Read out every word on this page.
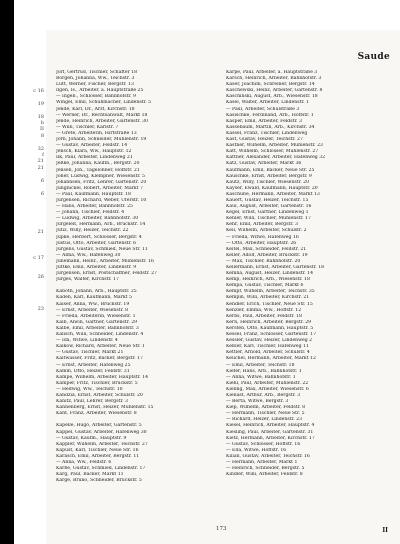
c 16

19

18
b
II
8

32
f
21
21

6

6

21

c 17

26

23
Saude
Jorf, Gertrud, Tischler, Schäfter 18
Borgen, Johanna, Ww., Teichstr. 3
Lütt, Werner, Fischer, Bergstr. 13
Ilgen, H., Arbeiter, a. Hauptstraße 25
— Ingeb., Schlosser, Bahnhofstr. 9
Wingel, Emil, Schuhmacher, Lindenstr. 5
Jende, Karl, Dr., Arzt, Kirchstr. 18
— Werner, Dr., Rechtsanwalt, Markt 18
Jende, Heinrich, Arbeiter, Gartenstr. 30
— Willi, Tischler, Karlstr. 7
— Grete, Arbeiterin, Hirtstraße 13
Jörn, Johann, Schneider, Mühlenstr. 19
— Gustav, Arbeiter, Feldstr. 14
Jensch, Klara, Ww., Hauptstr. 12
Ilk, Paul, Arbeiter, Lindenweg 21
Jeßke, Johanna, Kaufm., Bergstr. 20
Jensen, Joh., Tagelöhner, Hoffstr. 21
Joher, Ludwig, Klempner, Wiesenstr. 5
Johannsen, Fritz, Lehrer, Gartenstr. 20
Jungnickel, Robert, Arbeiter, Markt 7
— Paul, Kaufmann, Hauptstr. 18
Jürgensen, Richard, Weber, Uferstr. 10
— Hans, Arbeiter, Bahnhofstr. 25
— Johann, Tischler, Feldstr. 4
— Ludwig, Arbeiter, Bahnhofstr. 30
Jürgeleit, Hermann, Arb., Brückstr. 14
Jutiz, Willy, Heizer, Teichstr. 22
Jupke, Herbert, Schlosser, Bergstr. 4
Justus, Otto, Arbeiter, Gartenstr. 6
Jürgens, Gustav, Schmied, Neue Str. 11
— Alma, Ww., Hafenweg 30
Jünemann, Heinr., Arbeiter, Mühlenstr. 16
Jüttke, Emil, Arbeiter, Lindenstr. 9
Jürgensen, Ernst, Postschaffner, Feldstr. 27
Jürges, Walter, Kirchstr. 17

Kaboth, Johann, Arb., Hauptstr. 25
Kaden, Karl, Kaufmann, Markt 5
Kaiser, Anna, Ww., Brückstr. 19
— Ernst, Arbeiter, Wiesenstr. 8
— Frieda, Arbeiterin, Wiesenstr. 1
Kalb, Alwin, Gärtner, Gartenstr. 29
Kalbe, Emil, Arbeiter, Bahnhofstr. 3
Kalisch, Willi, Schneider, Lindenstr. 4
— Ida, Witwe, Lindenstr. 4
Kalkow, Richard, Arbeiter, Neue Str. 1
— Gustav, Tischler, Markt 21
Kaltwasser, Fritz, Bäcker, Bergstr. 17
— Ernst, Arbeiter, Hafenweg 25
Kamm, Otto, Heizer, Feldstr. 31
Kampe, Wilhelm, Arbeiter, Hauptstr. 14
Kamper, Fritz, Tischler, Brückstr. 5
— Hedwig, Ww., Teichstr. 10
Kandzia, Ernst, Arbeiter, Schulstr. 20
Kanitz, Paul, Lehrer, Bergstr. 3
Kannenberg, Ernst, Heizer, Mühlenstr. 15
Kant, Franz, Arbeiter, Wiesenstr. 8

Kapelle, Hugo, Arbeiter, Gartenstr. 5
Kappel, Gustav, Arbeiter, Hafenweg 30
— Gustav, Kaufm., Hauptstr. 9
Kappler, Wilhelm, Arbeiter, Teichstr. 27
Kapust, Karl, Tischler, Neue Str. 16
Karasch, Emil, Arbeiter, Bergstr. 11
— Anna, Ww., Feldstr. 6
Karbe, Gustav, Schmied, Lindenstr. 17
Karg, Paul, Bäcker, Markt 11
Karge, Bruno, Schneider, Brückstr. 5
Karpe, Paul, Arbeiter, a. Hauptstraße 3
Karsch, Heinrich, Arbeiter, Bahnhofstr. 3
Kaser, Joachim, Schreiner, Bergstr. 14
Kaschewski, Heinz, Arbeiter, Gartenstr. 8
Kaschinski, August, Arb., Wiesenstr. 18
Kasel, Walter, Arbeiter, Lindenstr. 1
— Paul, Arbeiter, Schulstraße 3
Kasischke, Ferdinand, Arb., Hoffstr. 1
Kasper, Emil, Arbeiter, Feldstr. 3
Kassebaum, Martin, Arb., Kirchstr. 34
Kassel, Franz, Tischler, Lindenweg
Kast, Gustav, Heizer, Teichstr. 27
Kastner, Wilhelm, Arbeiter, Mühlenstr. 23
Katt, Wilhelm, Schlosser, Mühlenstr. 27
Kattner, Alexander, Arbeiter, Hafenweg 32
Katz, Gustav, Arbeiter, Markt 36
Kaufmann, Emil, Bäcker, Neue Str. 25
Kauschke, Ernst, Arbeiter, Bergstr. 9
Kautz, Willy, Tischler, Wiesenstr. 20
Kayser, Ewald, Kaufmann, Hauptstr. 20
Kaschube, Hermann, Arbeiter, Markt 13
Kauert, Gustav, Heizer, Teichstr. 15
Kaul, August, Arbeiter, Gartenstr. 16
Kegel, Ernst, Gärtner, Lindenweg 1
Kehler, Willi, Tischler, Mühlenstr. 17
Kehr, Emil, Arbeiter, Bergstr. 3
Keil, Wilhelm, Arbeiter, Schulstr. 2
— Frieda, Witwe, Hafenweg 16
— Otto, Arbeiter, Hauptstr. 26
Keitel, Max, Schneider, Feldstr. 21
Keller, Adolf, Arbeiter, Brückstr. 19
— Max, Tischler, Bahnhofstr. 20
Kellermann, Ernst, Arbeiter, Gartenstr. 18
Kemna, August, Heizer, Lindenstr. 14
Kemp, Heinrich, Arb., Wiesenstr. 18
Kempa, Gustav, Tischler, Markt 6
Kempf, Wilhelm, Arbeiter, Teichstr. 35
Kempin, Willi, Arbeiter, Kirchstr. 21
Kendler, Erich, Tischler, Neue Str. 15
Kenzler, Emma, Ww., Hoffstr. 12
Kerbs, Paul, Arbeiter, Feldstr. 18
Kern, Heinrich, Arbeiter, Bergstr. 29
Kersten, Otto, Kaufmann, Hauptstr. 5
Kessel, Franz, Schlosser, Gartenstr. 17
Kessler, Gustav, Heizer, Lindenweg 2
Keßler, Karl, Tischler, Hafenweg 11
Kettler, Arnold, Arbeiter, Schulstr. 4
Keuchel, Hermann, Arbeiter, Markt 12
— Emil, Arbeiter, Teichstr. 18
Kiefer, Hans, Arb., Bahnhofstr. 1
— Anna, Witwe, Bahnhofstr. 1
Kiehl, Paul, Arbeiter, Mühlenstr. 22
Kieling, Max, Arbeiter, Wiesenstr. 6
Kienast, Arthur, Arb., Bergstr. 3
— Berta, Witwe, Bergstr. 3
Kiep, Wilhelm, Arbeiter, Feldstr. 8
— Hermann, Tischler, Neue Str. 5
— Richard, Heizer, Lindenstr. 23
Kiesel, Heinrich, Arbeiter, Hauptstr. 4
Kiesling, Paul, Arbeiter, Gartenstr. 31
Kietz, Hermann, Arbeiter, Kirchstr. 17
— Gustav, Schlosser, Hoffstr. 16
— Ella, Witwe, Hoffstr. 16
Kilian, Gustav, Arbeiter, Teichstr. 16
— Hermann, Arbeiter, Markt 1
— Heinrich, Schneider, Bergstr. 5
Kindler, Willi, Arbeiter, Feldstr. 8
173	II
